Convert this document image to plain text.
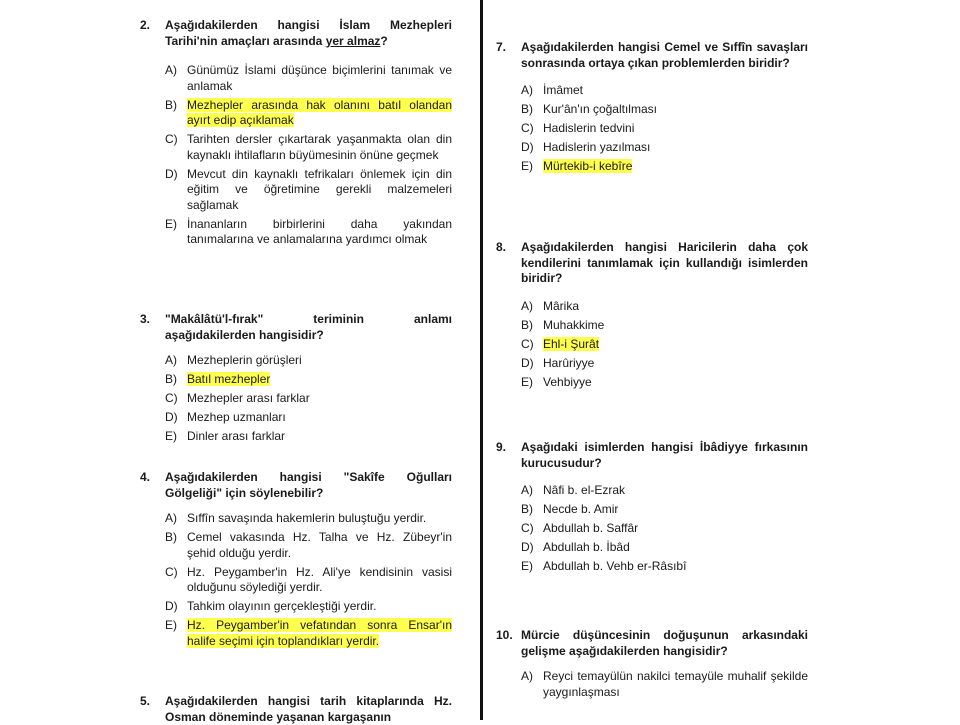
2. Aşağıdakilerden hangisi İslam Mezhepleri Tarihi'nin amaçları arasında yer almaz?
A) Günümüz İslami düşünce biçimlerini tanımak ve anlamak
B) Mezhepler arasında hak olanını batıl olandan ayırt edip açıklamak
C) Tarihten dersler çıkartarak yaşanmakta olan din kaynaklı ihtilafların büyümesinin önüne geçmek
D) Mevcut din kaynaklı tefrikaları önlemek için din eğitim ve öğretimine gerekli malzemeleri sağlamak
E) İnananların birbirlerini daha yakından tanımalarına ve anlamalarına yardımcı olmak
3. "Makâlâtü'l-fırak" teriminin anlamı aşağıdakilerden hangisidir?
A) Mezheplerin görüşleri
B) Batıl mezhepler
C) Mezhepler arası farklar
D) Mezhep uzmanları
E) Dinler arası farklar
4. Aşağıdakilerden hangisi "Sakîfe Oğulları Gölgeliği" için söylenebilir?
A) Sıffîn savaşında hakemlerin buluştuğu yerdir.
B) Cemel vakasında Hz. Talha ve Hz. Zübeyr'in şehid olduğu yerdir.
C) Hz. Peygamber'in Hz. Ali'ye kendisinin vasisi olduğunu söylediği yerdir.
D) Tahkim olayının gerçekleştiği yerdir.
E) Hz. Peygamber'in vefatından sonra Ensar'ın halife seçimi için toplandıkları yerdir.
5. Aşağıdakilerden hangisi tarih kitaplarında Hz. Osman döneminde yaşanan kargaşanın
7. Aşağıdakilerden hangisi Cemel ve Sıffîn savaşları sonrasında ortaya çıkan problemlerden biridir?
A) İmâmet
B) Kur'ân'ın çoğaltılması
C) Hadislerin tedvini
D) Hadislerin yazılması
E) Mürtekib-i kebîre
8. Aşağıdakilerden hangisi Haricilerin daha çok kendilerini tanımlamak için kullandığı isimlerden biridir?
A) Mârika
B) Muhakkime
C) Ehl-i Şurât
D) Harûriyye
E) Vehbiyye
9. Aşağıdaki isimlerden hangisi İbâdiyye fırkasının kurucusudur?
A) Nâfi b. el-Ezrak
B) Necde b. Amir
C) Abdullah b. Saffâr
D) Abdullah b. İbâd
E) Abdullah b. Vehb er-Râsıbî
10. Mürcie düşüncesinin doğuşunun arkasındaki gelişme aşağıdakilerden hangisidir?
A) Reyci temayülün nakilci temayüle muhalif şekilde yaygınlaşması
